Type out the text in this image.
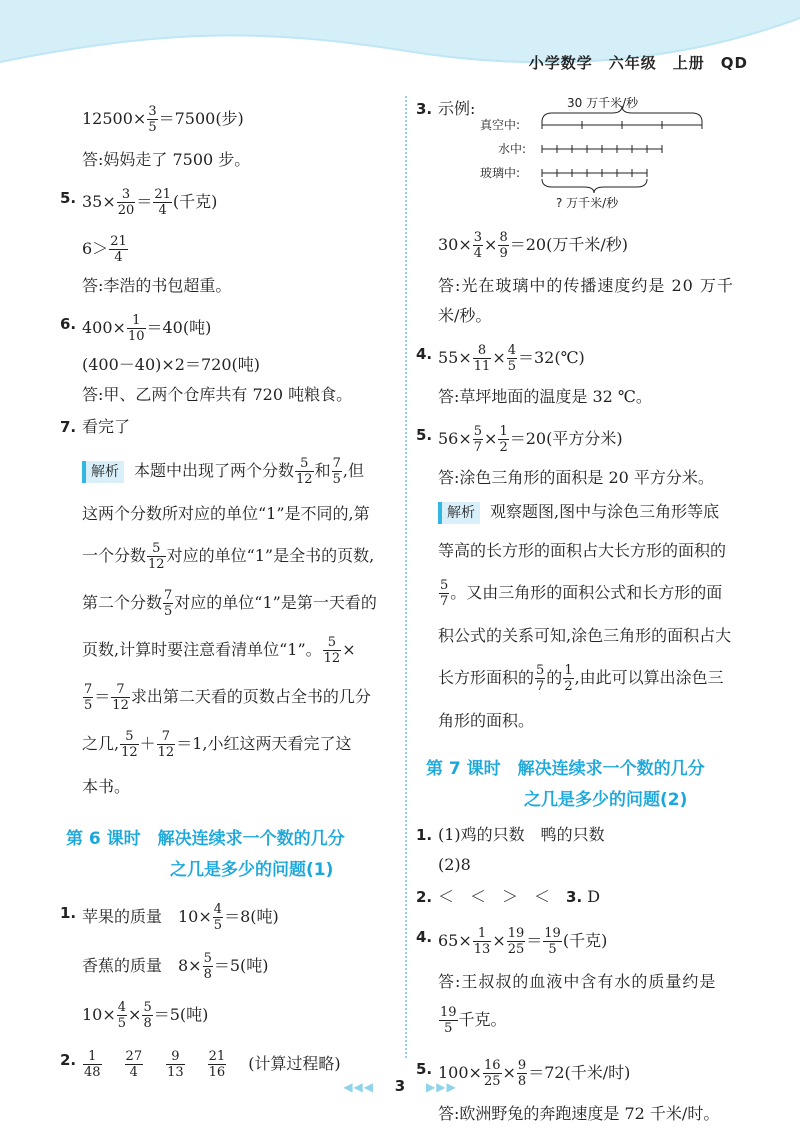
小学数学　六年级　上册　QD
$12500\times \frac{3}{5} =7500$(步)
答:妈妈走了 7500 步。
5. $35\times \frac{3}{20} = \frac{21}{4}$ (千克)
$6> \frac{21}{4}$
答:李浩的书包超重。
6. $400\times \frac{1}{10} =40$(吨)
(400－40)×2＝720(吨)
答:甲、乙两个仓库共有 720 吨粮食。
7. 看完了
解析 本题中出现了两个分数 $\frac{5}{12}$ 和 $\frac{7}{5}$ ,但
这两个分数所对应的单位“1”是不同的,第
一个分数 $\frac{5}{12}$ 对应的单位“1”是全书的页数,
第二个分数 $\frac{7}{5}$ 对应的单位“1”是第一天看的
页数,计算时要注意看清单位“1”。 $\frac{5}{12}$ ×
$\frac{7}{5} = \frac{7}{12}$ 求出第二天看的页数占全书的几分
之几, $\frac{5}{12} + \frac{7}{12} =1$,小红这两天看完了这
本书。
第 6 课时　解决连续求一个数的几分
之几是多少的问题(1)
1. 苹果的质量　$10\times \frac{4}{5} =8$(吨)
香蕉的质量　$8\times \frac{5}{8} =5$(吨)
$10\times \frac{4}{5} \times \frac{5}{8} =5$(吨)
2. $\frac{1}{48} \frac{27}{4} \frac{9}{13} \frac{21}{16}$ (计算过程略)
3. 示例:
$30\times \frac{3}{4} \times \frac{8}{9} =20$(万千米/秒)
答:光在玻璃中的传播速度约是 20 万千
米/秒。
4. $55\times \frac{8}{11} \times \frac{4}{5}$ ＝32(℃)
答:草坪地面的温度是 32 ℃。
5. $56\times \frac{5}{7} \times \frac{1}{2} =20$(平方分米)
答:涂色三角形的面积是 20 平方分米。
解析 观察题图,图中与涂色三角形等底
等高的长方形的面积占大长方形的面积的
$\frac{5}{7}$ 。又由三角形的面积公式和长方形的面
积公式的关系可知,涂色三角形的面积占大
长方形面积的 $\frac{5}{7}$ 的 $\frac{1}{2}$ ,由此可以算出涂色三
角形的面积。
第 7 课时　解决连续求一个数的几分
之几是多少的问题(2)
1. (1)鸡的只数　鸭的只数
(2)8
2. ＜　＜　＞　＜　 3. D
4. $65\times \frac{1}{13} \times \frac{19}{25} = \frac{19}{5}$ (千克)
答:王叔叔的血液中含有水的质量约是
$\frac{19}{5}$ 千克。
5. $100\times \frac{16}{25} \times \frac{9}{8} =72$(千米/时)
答:欧洲野兔的奔跑速度是 72 千米/时。
30 万千米/秒
真空中:
水中:
玻璃中:
? 万千米/秒
◀◀◀ 3 ▶▶▶
